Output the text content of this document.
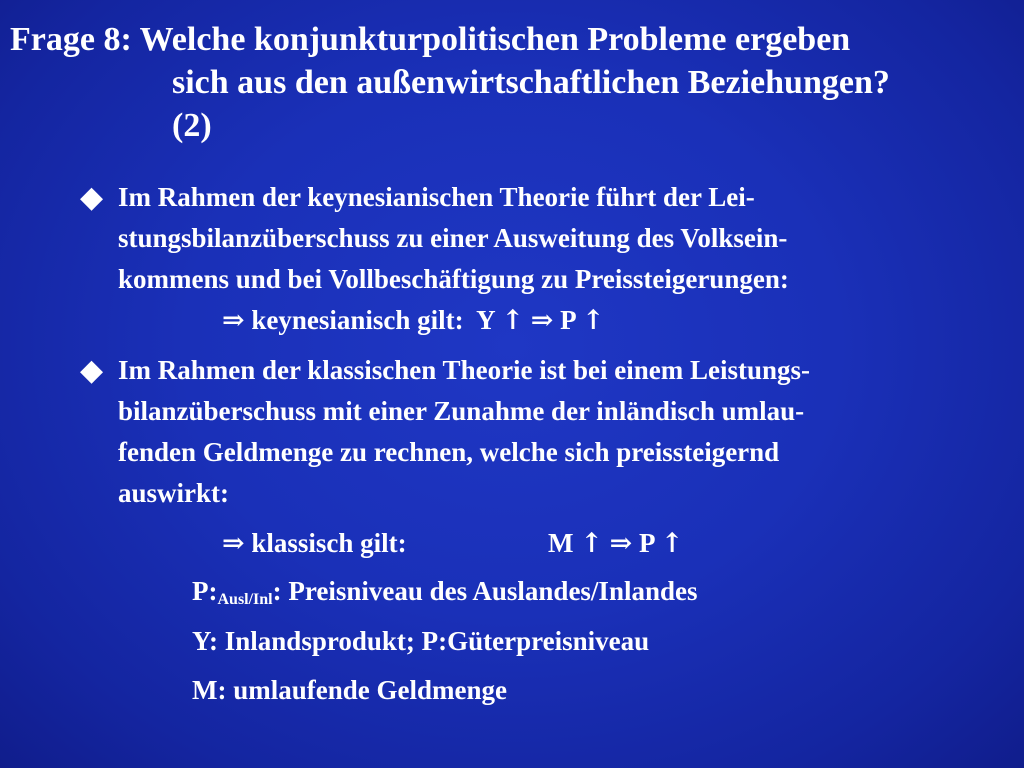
Frage 8: Welche konjunkturpolitischen Probleme ergeben
sich aus den außenwirtschaftlichen Beziehungen?
(2)
◆ Im Rahmen der keynesianischen Theorie führt der Lei-
stungsbilanzüberschuss zu einer Ausweitung des Volksein-
kommens und bei Vollbeschäftigung zu Preissteigerungen:
⇒ keynesianisch gilt: Y ↑ ⇒ P ↑
◆ Im Rahmen der klassischen Theorie ist bei einem Leistungs-
bilanzüberschuss mit einer Zunahme der inländisch umlau-
fenden Geldmenge zu rechnen, welche sich preissteigernd
auswirkt:
⇒ klassisch gilt:	M ↑ ⇒ P ↑
$P:_{Ausl/Inl}$: Preisniveau des Auslandes/Inlandes
Y: Inlandsprodukt; P:Güterpreisniveau
M: umlaufende Geldmenge
